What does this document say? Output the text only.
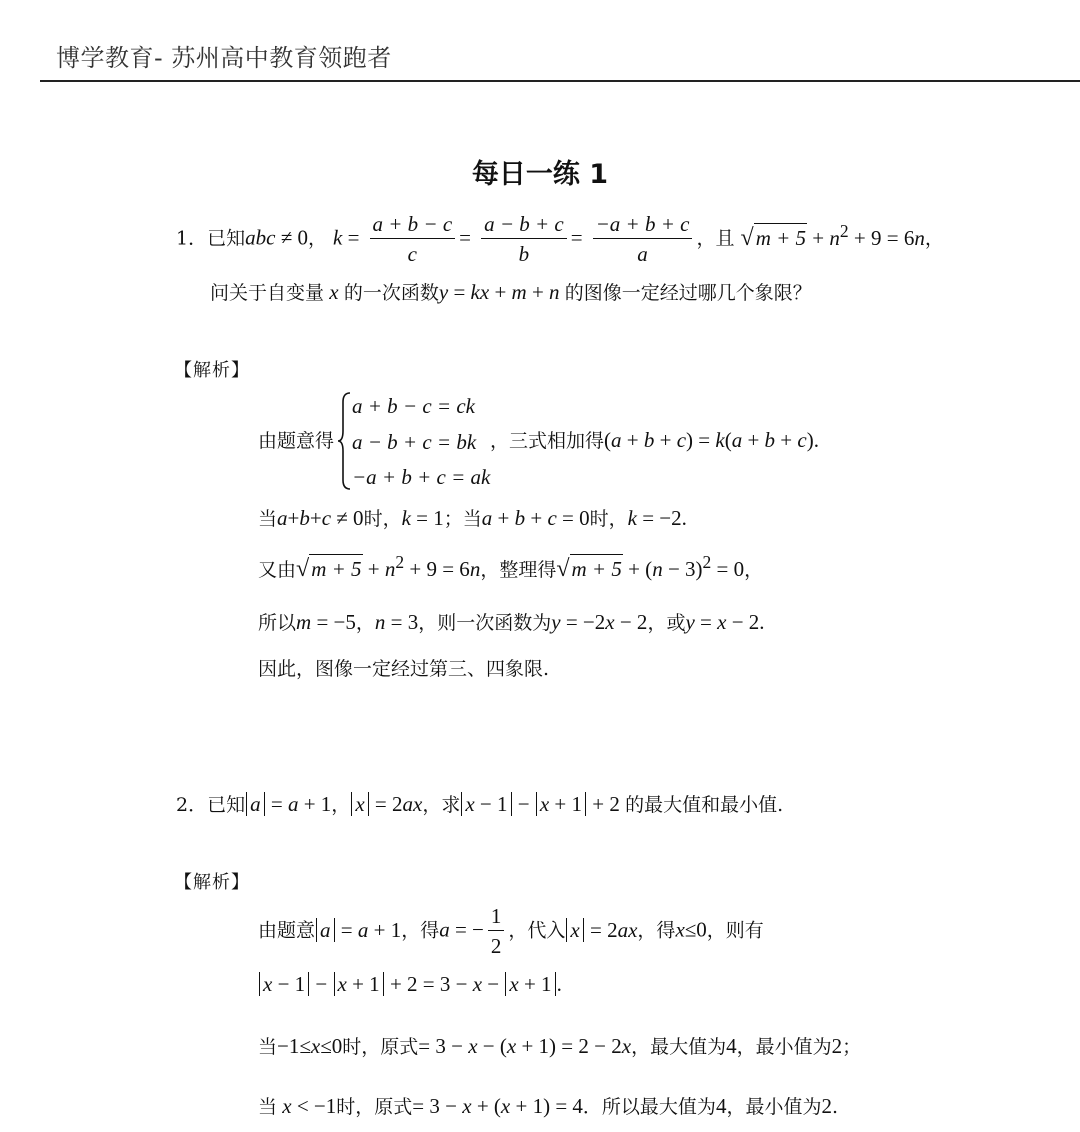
博学教育- 苏州高中教育领跑者
每日一练 1
1．已知abc ≠ 0， $k = \frac{a + b - c}{c} = \frac{a - b + c}{b} = \frac{-a + b + c}{a}$ ，且 $√m + 5 + n^2 + 9 = 6n$，
问关于自变量 x 的一次函数y = kx + m + n 的图像一定经过哪几个象限？
【解析】
由题意得
a + b − c = ck
a − b + c = bk
−a + b + c = ak
，三式相加得(a + b + c) = k(a + b + c).
当a+b+c ≠ 0时，k = 1；当a + b + c = 0时，k = −2.
又由$√m + 5 + n^2 + 9 = 6n$，整理得$√m + 5 + (n - 3)^2 = 0$，
所以m = −5，n = 3，则一次函数为y = −2x − 2，或y = x − 2.
因此，图像一定经过第三、四象限.
2．已知 a = a + 1， x = 2ax，求 x − 1 − x + 1 + 2 的最大值和最小值.
【解析】
由题意 a = a + 1，得a = − $\frac{1}{2}$ ，代入 x = 2ax，得x≤0，则有
x − 1 − x + 1 + 2 = 3 − x − x + 1 .
当−1≤x≤0时，原式= 3 − x − (x + 1) = 2 − 2x，最大值为4，最小值为2；
当 x < −1时，原式= 3 − x + (x + 1) = 4．所以最大值为4，最小值为2.
